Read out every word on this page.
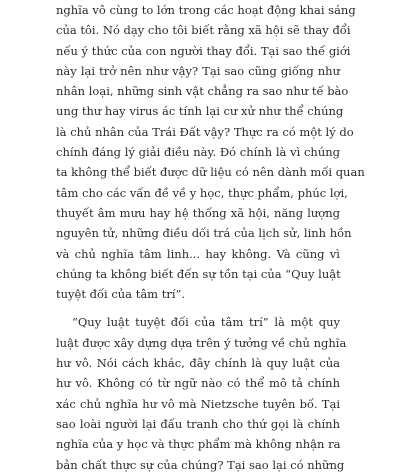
nghĩa vô cùng to lớn trong các hoạt động khai sáng
của tôi. Nó dạy cho tôi biết rằng xã hội sẽ thay đổi
nếu ý thức của con người thay đổi. Tại sao thế giới
này lại trở nên như vậy? Tại sao cũng giống như
nhân loại, những sinh vật chẳng ra sao như tế bào
ung thư hay virus ác tính lại cư xử như thể chúng
là chủ nhân của Trái Đất vậy? Thực ra có một lý do
chính đáng lý giải điều này. Đó chính là vì chúng
ta không thể biết được dữ liệu có nên dành mối quan
tâm cho các vấn đề về y học, thực phẩm, phúc lợi,
thuyết âm mưu hay hệ thống xã hội, năng lượng
nguyên tử, những điều dối trá của lịch sử, linh hồn
và chủ nghĩa tâm linh... hay không. Và cũng vì
chúng ta không biết đến sự tồn tại của “Quy luật
tuyệt đối của tâm trí”.

“Quy luật tuyệt đối của tâm trí” là một quy
luật được xây dựng dựa trên ý tưởng về chủ nghĩa
hư vô. Nói cách khác, đây chính là quy luật của
hư vô. Không có từ ngữ nào có thể mô tả chính
xác chủ nghĩa hư vô mà Nietzsche tuyên bố. Tại
sao loài người lại đấu tranh cho thứ gọi là chính
nghĩa của y học và thực phẩm mà không nhận ra
bản chất thực sự của chúng? Tại sao lại có những
